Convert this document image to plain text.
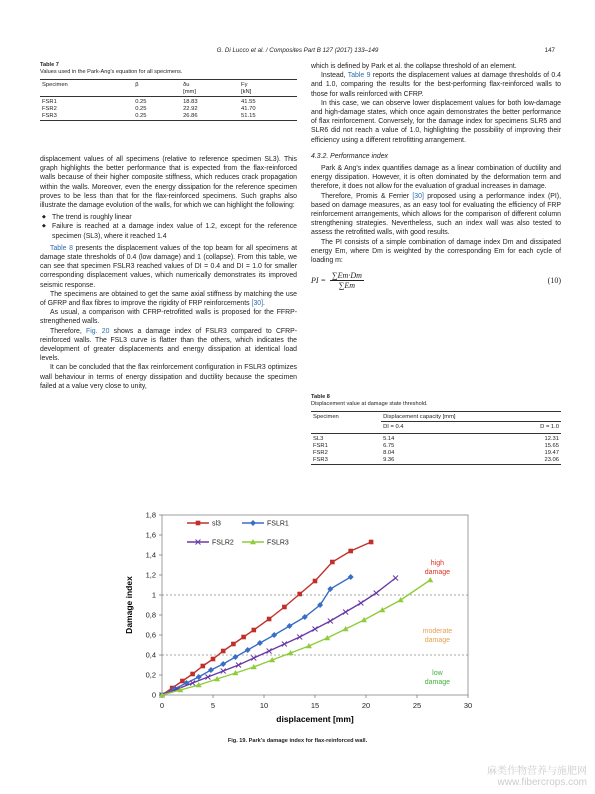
G. Di Lucco et al. / Composites Part B 127 (2017) 133–149	147
Table 7
Values used in the Park-Ang's equation for all specimens.
Specimen	β	δu	Fy
		[mm]	[kN]
FSR1	0.25	18.83	41.55
FSR2	0.25	22.92	41.70
FSR3	0.25	26.86	51.15

displacement values of all specimens (relative to reference specimen SL3). This graph highlights the better performance that is expected from the flax-reinforced walls because of their higher composite stiffness, which reduces crack propagation within the walls. Moreover, even the energy dissipation for the reference specimen proves to be less than that for the flax-reinforced specimens. Such graphs also illustrate the damage evolution of the walls, for which we can highlight the following:

◆ The trend is roughly linear
◆ Failure is reached at a damage index value of 1.2, except for the reference specimen (SL3), where it reached 1.4

Table 8 presents the displacement values of the top beam for all specimens at damage state thresholds of 0.4 (low damage) and 1 (collapse). From this table, we can see that specimen FSLR3 reached values of DI = 0.4 and DI = 1.0 for smaller corresponding displacement values, which numerically demonstrates its improved seismic response.

The specimens are obtained to get the same axial stiffness by matching the use of GFRP and flax fibres to improve the rigidity of FRP reinforcements [30].

As usual, a comparison with CFRP-retrofitted walls is proposed for the FFRP-strengthened walls.

Therefore, Fig. 20 shows a damage index of FSLR3 compared to CFRP-reinforced walls. The FSL3 curve is flatter than the others, which indicates the development of greater displacements and energy dissipation at identical load levels.

It can be concluded that the flax reinforcement configuration in FSLR3 optimizes wall behaviour in terms of energy dissipation and ductility because the specimen failed at a value very close to unity,

which is defined by Park et al. the collapse threshold of an element.

Instead, Table 9 reports the displacement values at damage thresholds of 0.4 and 1.0, comparing the results for the best-performing flax-reinforced walls to those for walls reinforced with CFRP.

In this case, we can observe lower displacement values for both low-damage and high-damage states, which once again demonstrates the better performance of flax reinforcement. Conversely, for the damage index for specimens SLR5 and SLR6 did not reach a value of 1.0, highlighting the possibility of improving their efficiency using a different retrofitting arrangement.

4.3.2. Performance index

Park & Ang's index quantifies damage as a linear combination of ductility and energy dissipation. However, it is often dominated by the deformation term and therefore, it does not allow for the evaluation of gradual increases in damage.

Therefore, Promis & Ferrier [30] proposed using a performance index (PI), based on damage measures, as an easy tool for evaluating the efficiency of FRP reinforcement arrangements, which allows for the comparison of different column strengthening strategies. Nevertheless, such an index wall was also tested to assess the retrofitted walls, with good results.

The PI consists of a simple combination of damage index Dm and dissipated energy Em, where Dm is weighted by the corresponding Em for each cycle of loading m:

PI = $\frac{\sum Em\cdot Dm}{\sum Em}$	(10)
Table 8
Displacement value at damage state threshold.
Specimen	Displacement capacity [mm]	
	DI = 0.4	D = 1.0
SL3	5.14	12.31
FSR1	6.75	15.65
FSR2	8.04	19.47
FSR3	9.36	23.06
0
0,2
0,4
0,6
0,8
1
1,2
1,4
1,6
1,8
0	5	10	15	20	25	30
displacement [mm]
Damage index
high
damage
moderate
damage
low
damage
sl3	FSLR1
FSLR2	FSLR3
Fig. 19. Park's damage index for flax-reinforced wall.
麻类作物营养与施肥网
www.fibercrops.com
